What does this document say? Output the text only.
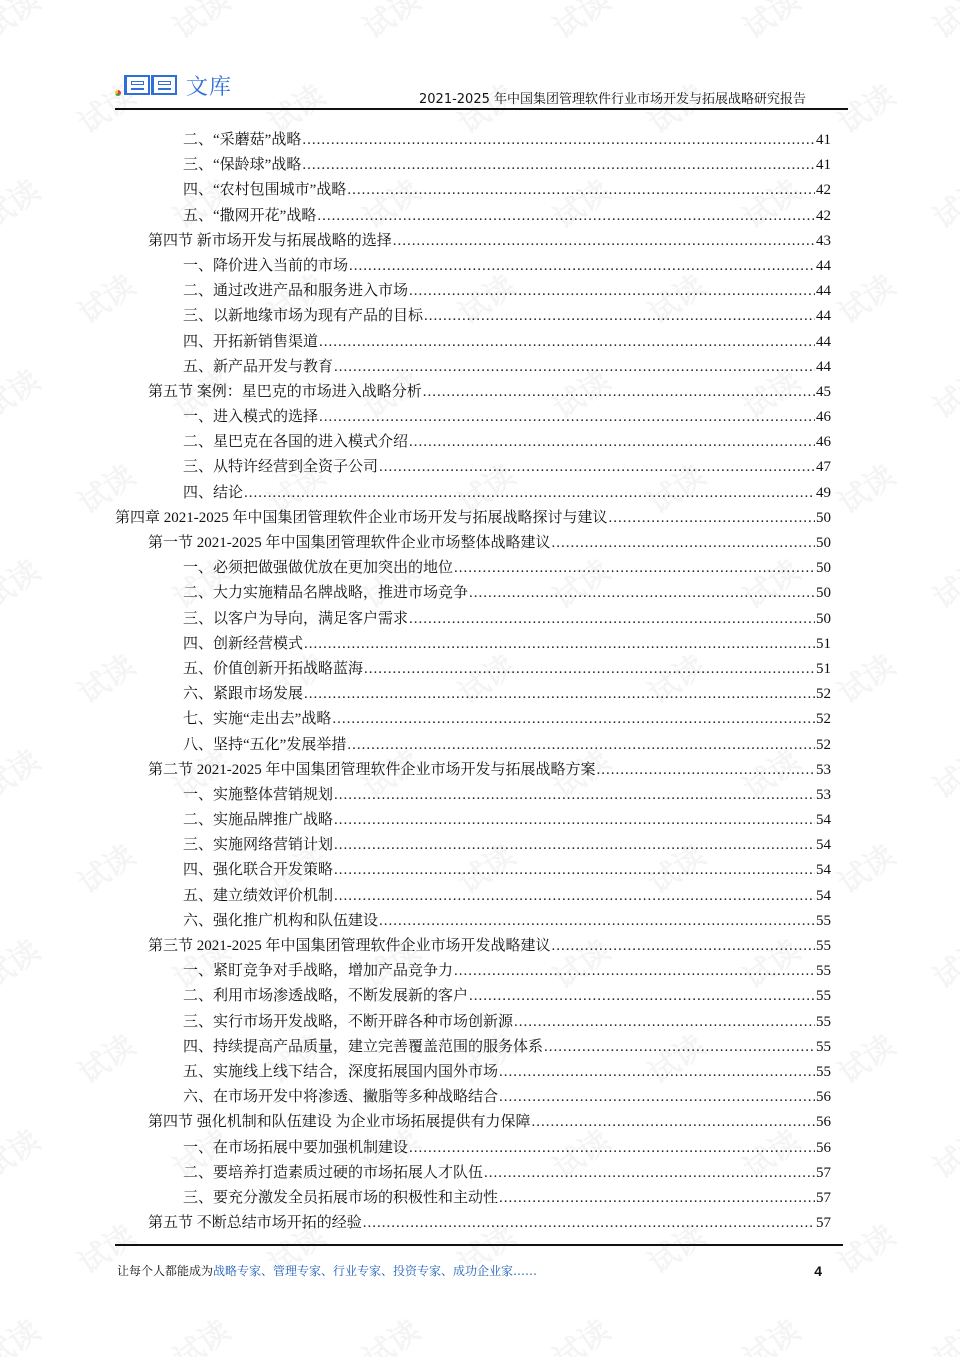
文库	2021-2025 年中国集团管理软件行业市场开发与拓展战略研究报告
二、“采蘑菇”战略 .....	41
三、“保龄球”战略 .....	41
四、“农村包围城市”战略 .....	42
五、“撒网开花”战略 .....	42
第四节 新市场开发与拓展战略的选择 .....	43
一、降价进入当前的市场 .....	44
二、通过改进产品和服务进入市场 .....	44
三、以新地缘市场为现有产品的目标 .....	44
四、开拓新销售渠道 .....	44
五、新产品开发与教育 .....	44
第五节 案例：星巴克的市场进入战略分析 .....	45
一、进入模式的选择 .....	46
二、星巴克在各国的进入模式介绍 .....	46
三、从特许经营到全资子公司 .....	47
四、结论 .....	49
第四章 2021-2025 年中国集团管理软件企业市场开发与拓展战略探讨与建议 .....	50
第一节 2021-2025 年中国集团管理软件企业市场整体战略建议 .....	50
一、必须把做强做优放在更加突出的地位 .....	50
二、大力实施精品名牌战略，推进市场竞争 .....	50
三、以客户为导向，满足客户需求 .....	50
四、创新经营模式 .....	51
五、价值创新开拓战略蓝海 .....	51
六、紧跟市场发展 .....	52
七、实施“走出去”战略 .....	52
八、坚持“五化”发展举措 .....	52
第二节 2021-2025 年中国集团管理软件企业市场开发与拓展战略方案 .....	53
一、实施整体营销规划 .....	53
二、实施品牌推广战略 .....	54
三、实施网络营销计划 .....	54
四、强化联合开发策略 .....	54
五、建立绩效评价机制 .....	54
六、强化推广机构和队伍建设 .....	55
第三节 2021-2025 年中国集团管理软件企业市场开发战略建议 .....	55
一、紧盯竞争对手战略，增加产品竞争力 .....	55
二、利用市场渗透战略，不断发展新的客户 .....	55
三、实行市场开发战略，不断开辟各种市场创新源 .....	55
四、持续提高产品质量，建立完善覆盖范围的服务体系 .....	55
五、实施线上线下结合，深度拓展国内国外市场 .....	55
六、在市场开发中将渗透、撇脂等多种战略结合 .....	56
第四节 强化机制和队伍建设 为企业市场拓展提供有力保障 .....	56
一、在市场拓展中要加强机制建设 .....	56
二、要培养打造素质过硬的市场拓展人才队伍 .....	57
三、要充分激发全员拓展市场的积极性和主动性 .....	57
第五节 不断总结市场开拓的经验 .....	57
让每个人都能成为战略专家、管理专家、行业专家、投资专家、成功企业家……	4
